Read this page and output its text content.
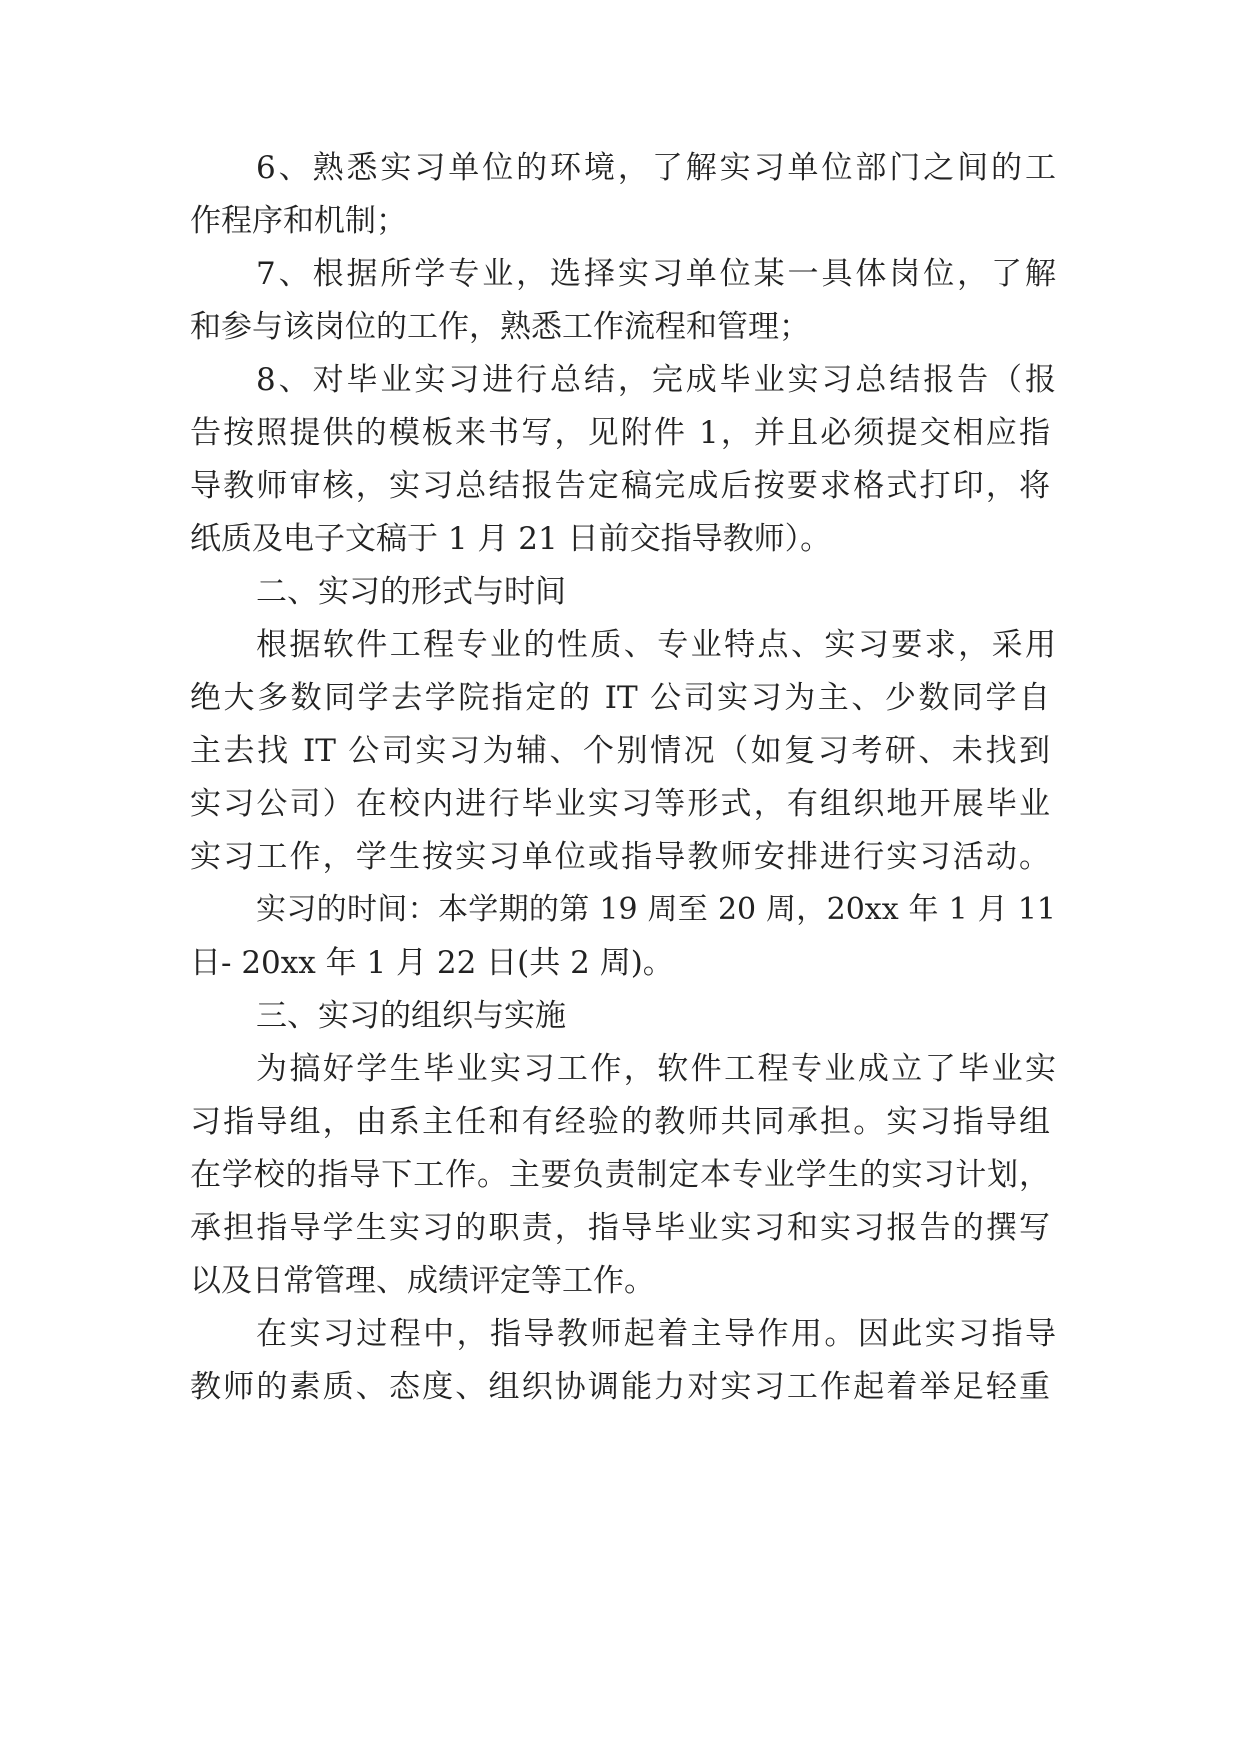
6、熟悉实习单位的环境，了解实习单位部门之间的工
作程序和机制；
7、根据所学专业，选择实习单位某一具体岗位，了解
和参与该岗位的工作，熟悉工作流程和管理；
8、对毕业实习进行总结，完成毕业实习总结报告（报
告按照提供的模板来书写，见附件 1，并且必须提交相应指
导教师审核，实习总结报告定稿完成后按要求格式打印，将
纸质及电子文稿于 1 月 21 日前交指导教师）。
二、实习的形式与时间
根据软件工程专业的性质、专业特点、实习要求，采用
绝大多数同学去学院指定的 IT 公司实习为主、少数同学自
主去找 IT 公司实习为辅、个别情况（如复习考研、未找到
实习公司）在校内进行毕业实习等形式，有组织地开展毕业
实习工作，学生按实习单位或指导教师安排进行实习活动。
实习的时间：本学期的第 19 周至 20 周，20xx 年 1 月 11
日- 20xx 年 1 月 22 日(共 2 周)。
三、实习的组织与实施
为搞好学生毕业实习工作，软件工程专业成立了毕业实
习指导组，由系主任和有经验的教师共同承担。实习指导组
在学校的指导下工作。主要负责制定本专业学生的实习计划，
承担指导学生实习的职责，指导毕业实习和实习报告的撰写
以及日常管理、成绩评定等工作。
在实习过程中，指导教师起着主导作用。因此实习指导
教师的素质、态度、组织协调能力对实习工作起着举足轻重
